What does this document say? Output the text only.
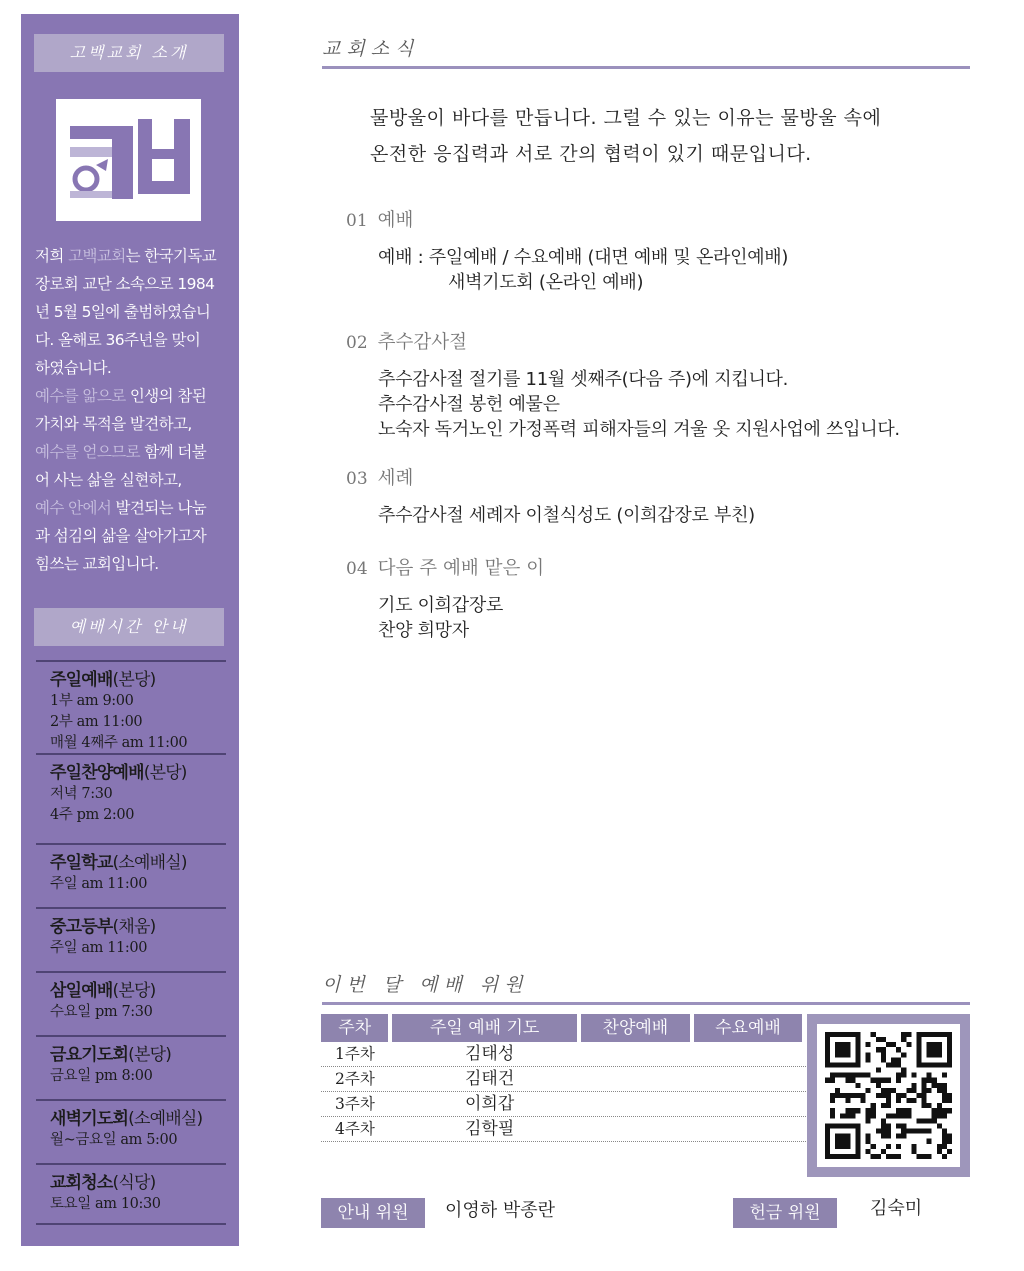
고백교회 소개
저희 고백교회는 한국기독교
장로회 교단 소속으로 1984
년 5월 5일에 출범하였습니
다. 올해로 36주년을 맞이
하였습니다.
예수를 앎으로 인생의 참된
가치와 목적을 발견하고,
예수를 얻으므로 함께 더불
어 사는 삶을 실현하고,
예수 안에서 발견되는 나눔
과 섬김의 삶을 살아가고자
힘쓰는 교회입니다.
예배시간 안내
주일예배(본당)
1부 am 9:00
2부 am 11:00
매월 4째주 am 11:00
주일찬양예배(본당)
저녁 7:30
4주 pm 2:00
주일학교(소예배실)
주일 am 11:00
중고등부(채움)
주일 am 11:00
삼일예배(본당)
수요일 pm 7:30
금요기도회(본당)
금요일 pm 8:00
새벽기도회(소예배실)
월~금요일 am 5:00
교회청소(식당)
토요일 am 10:30
교회소식
물방울이 바다를 만듭니다. 그럴 수 있는 이유는 물방울 속에
온전한 응집력과 서로 간의 협력이 있기 때문입니다.
01 예배
예배 : 주일예배 / 수요예배 (대면 예배 및 온라인예배)
새벽기도회 (온라인 예배)
02 추수감사절
추수감사절 절기를 11월 셋째주(다음 주)에 지킵니다.
추수감사절 봉헌 예물은
노숙자 독거노인 가정폭력 피해자들의 겨울 옷 지원사업에 쓰입니다.
03 세례
추수감사절 세례자 이철식성도 (이희갑장로 부친)
04 다음 주 예배 맡은 이
기도 이희갑장로
찬양 희망자
이번 달 예배 위원
주차	주일 예배 기도	찬양예배	수요예배
1주차	김태성
2주차	김태건
3주차	이희갑
4주차	김학필
안내 위원	이영하 박종란	헌금 위원	김숙미
